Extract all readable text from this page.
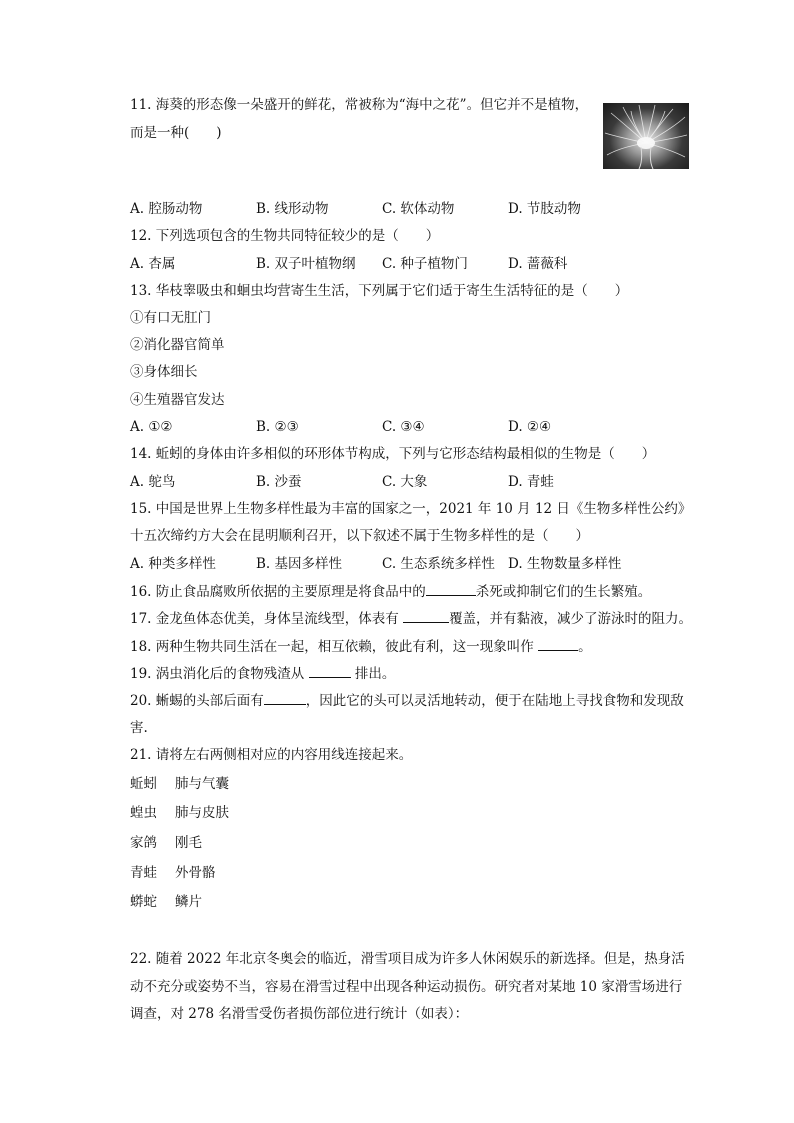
11. 海葵的形态像一朵盛开的鲜花，常被称为“海中之花”。但它并不是植物，
而是一种(　　)
A. 腔肠动物	B. 线形动物	C. 软体动物	D. 节肢动物
12. 下列选项包含的生物共同特征较少的是（　　）
A. 杏属	B. 双子叶植物纲 C. 种子植物门	D. 蔷薇科
13. 华枝睾吸虫和蛔虫均营寄生生活，下列属于它们适于寄生生活特征的是（　　）
①有口无肛门
②消化器官简单
③身体细长
④生殖器官发达
A. ①②	B. ②③	C. ③④	D. ②④
14. 蚯蚓的身体由许多相似的环形体节构成，下列与它形态结构最相似的生物是（　　）
A. 鸵鸟	B. 沙蚕	C. 大象	D. 青蛙
15. 中国是世界上生物多样性最为丰富的国家之一，2021 年 10 月 12 日《生物多样性公约》
十五次缔约方大会在昆明顺利召开，以下叙述不属于生物多样性的是（　　）
A. 种类多样性	B. 基因多样性	C. 生态系统多样性 D. 生物数量多样性
16. 防止食品腐败所依据的主要原理是将食品中的	杀死或抑制它们的生长繁殖。
17. 金龙鱼体态优美，身体呈流线型，体表有	覆盖，并有黏液，减少了游泳时的阻力。
18. 两种生物共同生活在一起，相互依赖，彼此有利，这一现象叫作	。
19. 涡虫消化后的食物残渣从	排出。
20. 蜥蜴的头部后面有	，因此它的头可以灵活地转动，便于在陆地上寻找食物和发现敌
害.
21. 请将左右两侧相对应的内容用线连接起来。
蚯蚓 肺与气囊
蝗虫 肺与皮肤
家鸽 刚毛
青蛙 外骨骼
蟒蛇 鳞片
22. 随着 2022 年北京冬奥会的临近，滑雪项目成为许多人休闲娱乐的新选择。但是，热身活
动不充分或姿势不当，容易在滑雪过程中出现各种运动损伤。研究者对某地 10 家滑雪场进行
调查，对 278 名滑雪受伤者损伤部位进行统计（如表）：
